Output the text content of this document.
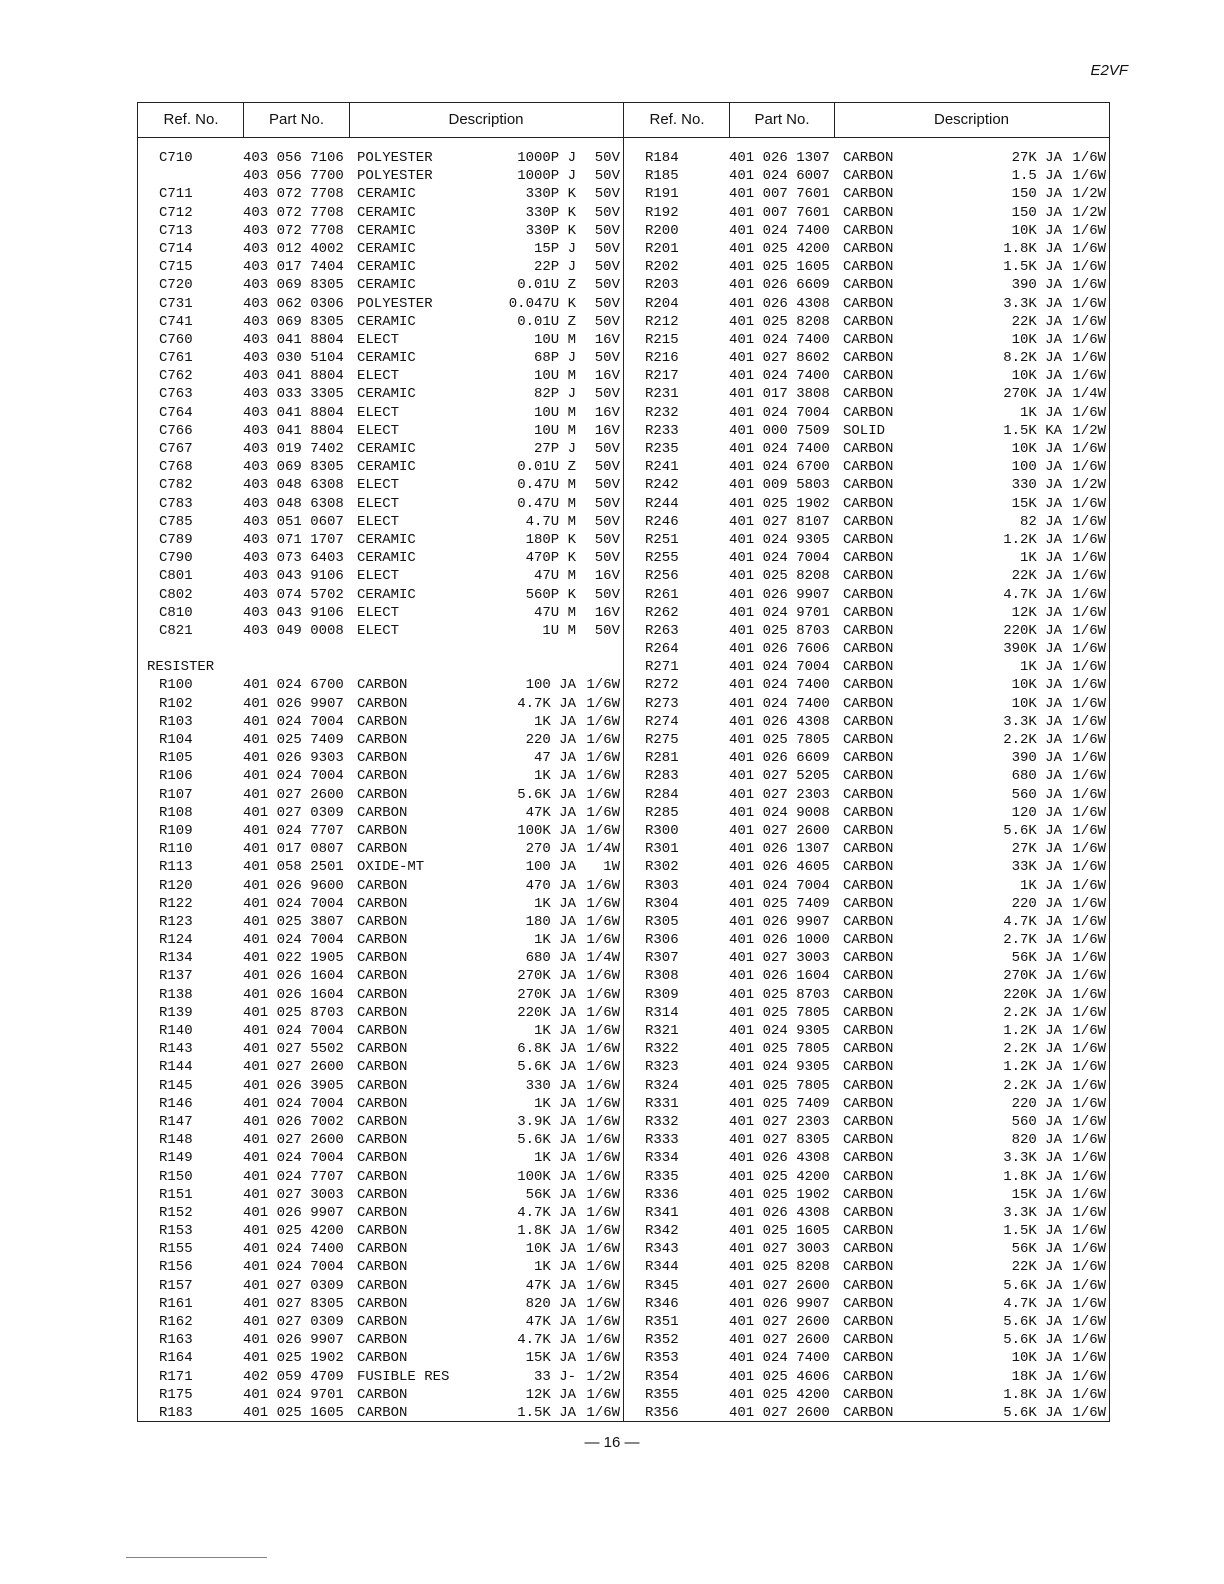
E2VF
Ref. No.	Part No.	Description	Ref. No.	Part No.	Description
C710	403 056 7106 POLYESTER	1000P J 50V
403 056 7700 POLYESTER	1000P J 50V
C711	403 072 7708 CERAMIC	330P K 50V
C712	403 072 7708 CERAMIC	330P K 50V
C713	403 072 7708 CERAMIC	330P K 50V
C714	403 012 4002 CERAMIC	15P J 50V
C715	403 017 7404 CERAMIC	22P J 50V
C720	403 069 8305 CERAMIC	0.01U Z 50V
C731	403 062 0306 POLYESTER	0.047U K 50V
C741	403 069 8305 CERAMIC	0.01U Z 50V
C760	403 041 8804 ELECT	10U M 16V
C761	403 030 5104 CERAMIC	68P J 50V
C762	403 041 8804 ELECT	10U M 16V
C763	403 033 3305 CERAMIC	82P J 50V
C764	403 041 8804 ELECT	10U M 16V
C766	403 041 8804 ELECT	10U M 16V
C767	403 019 7402 CERAMIC	27P J 50V
C768	403 069 8305 CERAMIC	0.01U Z 50V
C782	403 048 6308 ELECT	0.47U M 50V
C783	403 048 6308 ELECT	0.47U M 50V
C785	403 051 0607 ELECT	4.7U M 50V
C789	403 071 1707 CERAMIC	180P K 50V
C790	403 073 6403 CERAMIC	470P K 50V
C801	403 043 9106 ELECT	47U M 16V
C802	403 074 5702 CERAMIC	560P K 50V
C810	403 043 9106 ELECT	47U M 16V
C821	403 049 0008 ELECT	1U M 50V
RESISTER
R100	401 024 6700 CARBON	100 JA 1/6W
R102	401 026 9907 CARBON	4.7K JA 1/6W
R103	401 024 7004 CARBON	1K JA 1/6W
R104	401 025 7409 CARBON	220 JA 1/6W
R105	401 026 9303 CARBON	47 JA 1/6W
R106	401 024 7004 CARBON	1K JA 1/6W
R107	401 027 2600 CARBON	5.6K JA 1/6W
R108	401 027 0309 CARBON	47K JA 1/6W
R109	401 024 7707 CARBON	100K JA 1/6W
R110	401 017 0807 CARBON	270 JA 1/4W
R113	401 058 2501 OXIDE-MT	100 JA 1W
R120	401 026 9600 CARBON	470 JA 1/6W
R122	401 024 7004 CARBON	1K JA 1/6W
R123	401 025 3807 CARBON	180 JA 1/6W
R124	401 024 7004 CARBON	1K JA 1/6W
R134	401 022 1905 CARBON	680 JA 1/4W
R137	401 026 1604 CARBON	270K JA 1/6W
R138	401 026 1604 CARBON	270K JA 1/6W
R139	401 025 8703 CARBON	220K JA 1/6W
R140	401 024 7004 CARBON	1K JA 1/6W
R143	401 027 5502 CARBON	6.8K JA 1/6W
R144	401 027 2600 CARBON	5.6K JA 1/6W
R145	401 026 3905 CARBON	330 JA 1/6W
R146	401 024 7004 CARBON	1K JA 1/6W
R147	401 026 7002 CARBON	3.9K JA 1/6W
R148	401 027 2600 CARBON	5.6K JA 1/6W
R149	401 024 7004 CARBON	1K JA 1/6W
R150	401 024 7707 CARBON	100K JA 1/6W
R151	401 027 3003 CARBON	56K JA 1/6W
R152	401 026 9907 CARBON	4.7K JA 1/6W
R153	401 025 4200 CARBON	1.8K JA 1/6W
R155	401 024 7400 CARBON	10K JA 1/6W
R156	401 024 7004 CARBON	1K JA 1/6W
R157	401 027 0309 CARBON	47K JA 1/6W
R161	401 027 8305 CARBON	820 JA 1/6W
R162	401 027 0309 CARBON	47K JA 1/6W
R163	401 026 9907 CARBON	4.7K JA 1/6W
R164	401 025 1902 CARBON	15K JA 1/6W
R171	402 059 4709 FUSIBLE RES	33 J- 1/2W
R175	401 024 9701 CARBON	12K JA 1/6W
R183	401 025 1605 CARBON	1.5K JA 1/6W
R184	401 026 1307 CARBON	27K JA 1/6W
R185	401 024 6007 CARBON	1.5 JA 1/6W
R191	401 007 7601 CARBON	150 JA 1/2W
R192	401 007 7601 CARBON	150 JA 1/2W
R200	401 024 7400 CARBON	10K JA 1/6W
R201	401 025 4200 CARBON	1.8K JA 1/6W
R202	401 025 1605 CARBON	1.5K JA 1/6W
R203	401 026 6609 CARBON	390 JA 1/6W
R204	401 026 4308 CARBON	3.3K JA 1/6W
R212	401 025 8208 CARBON	22K JA 1/6W
R215	401 024 7400 CARBON	10K JA 1/6W
R216	401 027 8602 CARBON	8.2K JA 1/6W
R217	401 024 7400 CARBON	10K JA 1/6W
R231	401 017 3808 CARBON	270K JA 1/4W
R232	401 024 7004 CARBON	1K JA 1/6W
R233	401 000 7509 SOLID	1.5K KA 1/2W
R235	401 024 7400 CARBON	10K JA 1/6W
R241	401 024 6700 CARBON	100 JA 1/6W
R242	401 009 5803 CARBON	330 JA 1/2W
R244	401 025 1902 CARBON	15K JA 1/6W
R246	401 027 8107 CARBON	82 JA 1/6W
R251	401 024 9305 CARBON	1.2K JA 1/6W
R255	401 024 7004 CARBON	1K JA 1/6W
R256	401 025 8208 CARBON	22K JA 1/6W
R261	401 026 9907 CARBON	4.7K JA 1/6W
R262	401 024 9701 CARBON	12K JA 1/6W
R263	401 025 8703 CARBON	220K JA 1/6W
R264	401 026 7606 CARBON	390K JA 1/6W
R271	401 024 7004 CARBON	1K JA 1/6W
R272	401 024 7400 CARBON	10K JA 1/6W
R273	401 024 7400 CARBON	10K JA 1/6W
R274	401 026 4308 CARBON	3.3K JA 1/6W
R275	401 025 7805 CARBON	2.2K JA 1/6W
R281	401 026 6609 CARBON	390 JA 1/6W
R283	401 027 5205 CARBON	680 JA 1/6W
R284	401 027 2303 CARBON	560 JA 1/6W
R285	401 024 9008 CARBON	120 JA 1/6W
R300	401 027 2600 CARBON	5.6K JA 1/6W
R301	401 026 1307 CARBON	27K JA 1/6W
R302	401 026 4605 CARBON	33K JA 1/6W
R303	401 024 7004 CARBON	1K JA 1/6W
R304	401 025 7409 CARBON	220 JA 1/6W
R305	401 026 9907 CARBON	4.7K JA 1/6W
R306	401 026 1000 CARBON	2.7K JA 1/6W
R307	401 027 3003 CARBON	56K JA 1/6W
R308	401 026 1604 CARBON	270K JA 1/6W
R309	401 025 8703 CARBON	220K JA 1/6W
R314	401 025 7805 CARBON	2.2K JA 1/6W
R321	401 024 9305 CARBON	1.2K JA 1/6W
R322	401 025 7805 CARBON	2.2K JA 1/6W
R323	401 024 9305 CARBON	1.2K JA 1/6W
R324	401 025 7805 CARBON	2.2K JA 1/6W
R331	401 025 7409 CARBON	220 JA 1/6W
R332	401 027 2303 CARBON	560 JA 1/6W
R333	401 027 8305 CARBON	820 JA 1/6W
R334	401 026 4308 CARBON	3.3K JA 1/6W
R335	401 025 4200 CARBON	1.8K JA 1/6W
R336	401 025 1902 CARBON	15K JA 1/6W
R341	401 026 4308 CARBON	3.3K JA 1/6W
R342	401 025 1605 CARBON	1.5K JA 1/6W
R343	401 027 3003 CARBON	56K JA 1/6W
R344	401 025 8208 CARBON	22K JA 1/6W
R345	401 027 2600 CARBON	5.6K JA 1/6W
R346	401 026 9907 CARBON	4.7K JA 1/6W
R351	401 027 2600 CARBON	5.6K JA 1/6W
R352	401 027 2600 CARBON	5.6K JA 1/6W
R353	401 024 7400 CARBON	10K JA 1/6W
R354	401 025 4606 CARBON	18K JA 1/6W
R355	401 025 4200 CARBON	1.8K JA 1/6W
R356	401 027 2600 CARBON	5.6K JA 1/6W
— 16 —
